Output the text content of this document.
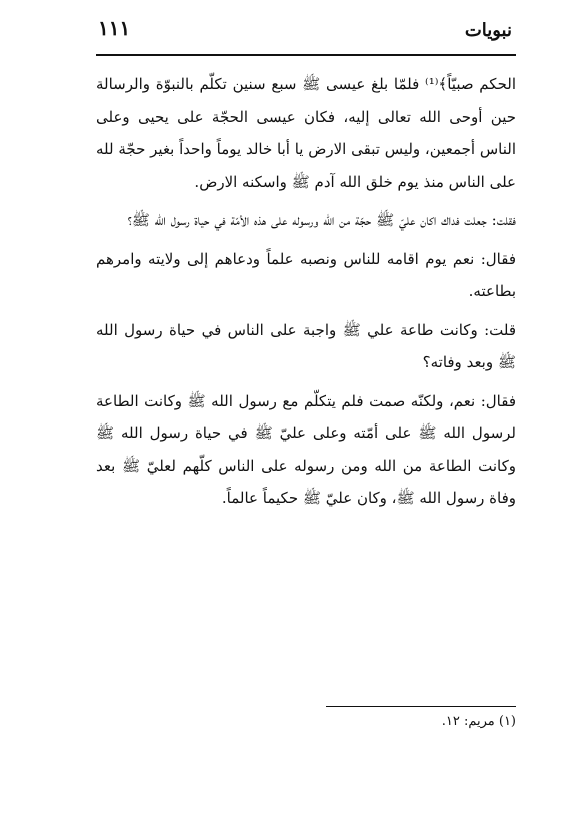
نبويات
١١١

الحكم صبيّاً﴾⁽¹⁾ فلمّا بلغ عيسى ﷺ سبع سنين تكلّم بالنبوّة والرسالة حين أوحى الله تعالى إليه، فكان عيسى الحجّة على يحيى وعلى الناس أجمعين، وليس تبقى الارض يا أبا خالد يوماً واحداً بغير حجّة لله على الناس منذ يوم خلق الله آدم ﷺ واسكنه الارض.

فقلت: جعلت فداك اكان عليّ ﷺ حجّة من الله ورسوله على هذه الأمّة في حياة رسول الله ﷺ؟

فقال: نعم يوم اقامه للناس ونصبه علماً ودعاهم إلى ولايته وامرهم بطاعته.

قلت: وكانت طاعة علي ﷺ واجبة على الناس في حياة رسول الله ﷺ وبعد وفاته؟

فقال: نعم، ولكنّه صمت فلم يتكلّم مع رسول الله ﷺ وكانت الطاعة لرسول الله ﷺ على أمّته وعلى عليّ ﷺ في حياة رسول الله ﷺ وكانت الطاعة من الله ومن رسوله على الناس كلّهم لعليّ ﷺ بعد وفاة رسول الله ﷺ، وكان عليّ ﷺ حكيماً عالماً.

(١) مريم: ١٢.
